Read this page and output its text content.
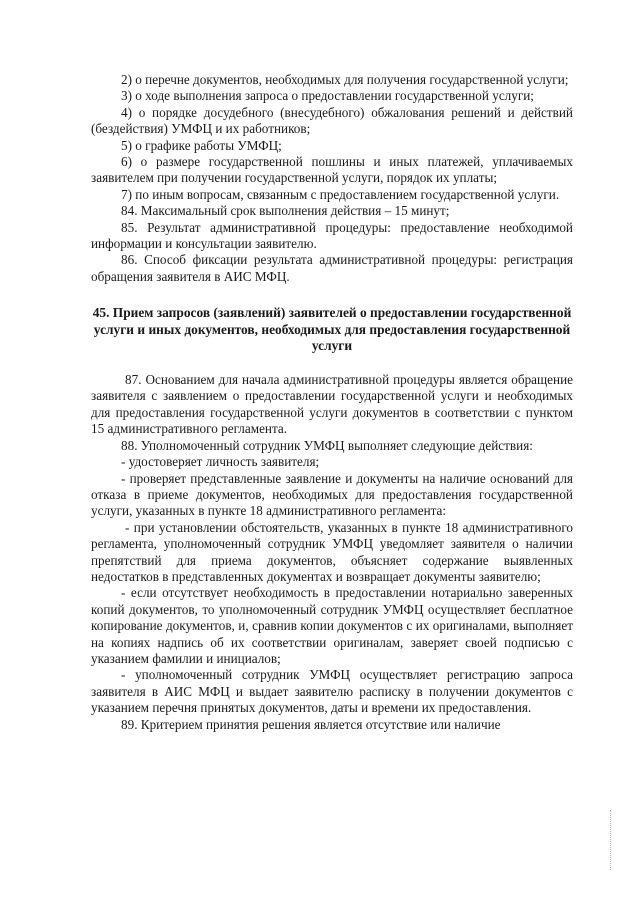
2) о перечне документов, необходимых для получения государственной услуги;

3) о ходе выполнения запроса о предоставлении государственной услуги;

4) о порядке досудебного (внесудебного) обжалования решений и действий (бездействия) УМФЦ и их работников;

5) о графике работы УМФЦ;

6) о размере государственной пошлины и иных платежей, уплачиваемых заявителем при получении государственной услуги, порядок их уплаты;

7) по иным вопросам, связанным с предоставлением государственной услуги.

84. Максимальный срок выполнения действия – 15 минут;

85. Результат административной процедуры: предоставление необходимой информации и консультации заявителю.

86. Способ фиксации результата административной процедуры: регистрация обращения заявителя в АИС МФЦ.

45. Прием запросов (заявлений) заявителей о предоставлении государственной услуги и иных документов, необходимых для предоставления государственной услуги

87. Основанием для начала административной процедуры является обращение заявителя с заявлением о предоставлении государственной услуги и необходимых для предоставления государственной услуги документов в соответствии с пунктом 15 административного регламента.

88. Уполномоченный сотрудник УМФЦ выполняет следующие действия:

- удостоверяет личность заявителя;

- проверяет представленные заявление и документы на наличие оснований для отказа в приеме документов, необходимых для предоставления государственной услуги, указанных в пункте 18 административного регламента:

- при установлении обстоятельств, указанных в пункте 18 административного регламента, уполномоченный сотрудник УМФЦ уведомляет заявителя о наличии препятствий для приема документов, объясняет содержание выявленных недостатков в представленных документах и возвращает документы заявителю;

- если отсутствует необходимость в предоставлении нотариально заверенных копий документов, то уполномоченный сотрудник УМФЦ осуществляет бесплатное копирование документов, и, сравнив копии документов с их оригиналами, выполняет на копиях надпись об их соответствии оригиналам, заверяет своей подписью с указанием фамилии и инициалов;

- уполномоченный сотрудник УМФЦ осуществляет регистрацию запроса заявителя в АИС МФЦ и выдает заявителю расписку в получении документов с указанием перечня принятых документов, даты и времени их предоставления.

89. Критерием принятия решения является отсутствие или наличие
